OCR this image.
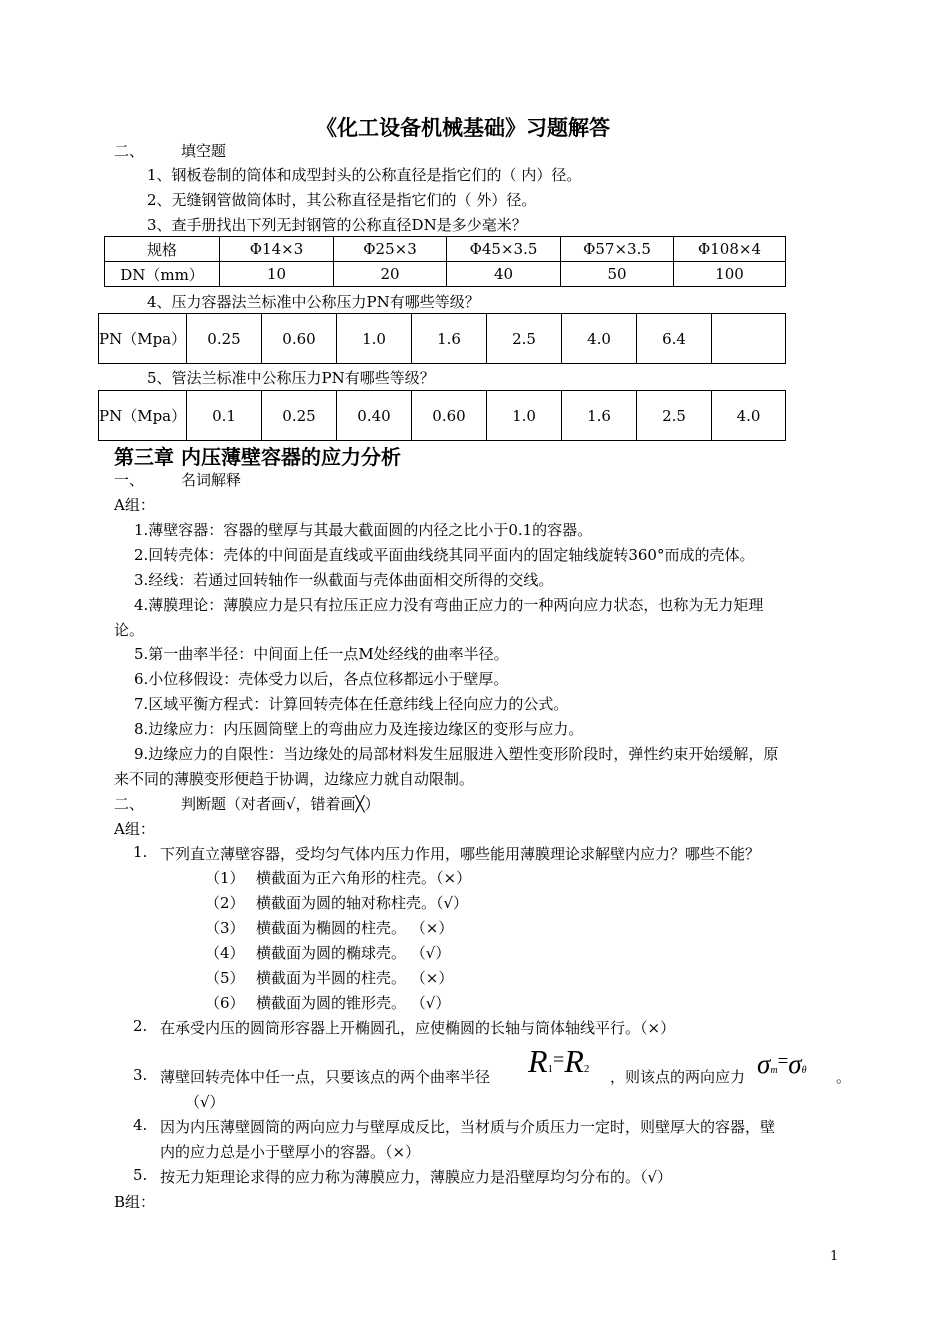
《化工设备机械基础》习题解答
二、 填空题
1、钢板卷制的筒体和成型封头的公称直径是指它们的（ 内）径。
2、无缝钢管做筒体时，其公称直径是指它们的（ 外）径。
3、查手册找出下列无封钢管的公称直径DN是多少毫米？
规格	Φ14×3	Φ25×3	Φ45×3.5	Φ57×3.5	Φ108×4
DN（mm）	10	20	40	50	100
4、压力容器法兰标准中公称压力PN有哪些等级？
PN（Mpa）	0.25	0.60	1.0	1.6	2.5	4.0	6.4	
5、管法兰标准中公称压力PN有哪些等级？
PN（Mpa）	0.1	0.25	0.40	0.60	1.0	1.6	2.5	4.0
第三章 内压薄壁容器的应力分析
一、 名词解释
A组：
1.薄壁容器：容器的壁厚与其最大截面圆的内径之比小于0.1的容器。
2.回转壳体：壳体的中间面是直线或平面曲线绕其同平面内的固定轴线旋转360°而成的壳体。
3.经线：若通过回转轴作一纵截面与壳体曲面相交所得的交线。
4.薄膜理论：薄膜应力是只有拉压正应力没有弯曲正应力的一种两向应力状态，也称为无力矩理
论。
5.第一曲率半径：中间面上任一点M处经线的曲率半径。
6.小位移假设：壳体受力以后，各点位移都远小于壁厚。
7.区域平衡方程式：计算回转壳体在任意纬线上径向应力的公式。
8.边缘应力：内压圆筒壁上的弯曲应力及连接边缘区的变形与应力。
9.边缘应力的自限性：当边缘处的局部材料发生屈服进入塑性变形阶段时，弹性约束开始缓解，原
来不同的薄膜变形便趋于协调，边缘应力就自动限制。
二、 判断题（对者画√，错着画╳）
A组：
1. 下列直立薄壁容器，受均匀气体内压力作用，哪些能用薄膜理论求解壁内应力？哪些不能？
（1） 横截面为正六角形的柱壳。（×）
（2） 横截面为圆的轴对称柱壳。（√）
（3） 横截面为椭圆的柱壳。 （×）
（4） 横截面为圆的椭球壳。 （√）
（5） 横截面为半圆的柱壳。 （×）
（6） 横截面为圆的锥形壳。 （√）
2. 在承受内压的圆筒形容器上开椭圆孔，应使椭圆的长轴与筒体轴线平行。（×）
3. 薄壁回转壳体中任一点，只要该点的两个曲率半径 R1=R2 ，则该点的两向应力 σm=σθ 。
（√）
4. 因为内压薄壁圆筒的两向应力与壁厚成反比，当材质与介质压力一定时，则壁厚大的容器，壁
内的应力总是小于壁厚小的容器。（×）
5. 按无力矩理论求得的应力称为薄膜应力，薄膜应力是沿壁厚均匀分布的。（√）
B组：
1
